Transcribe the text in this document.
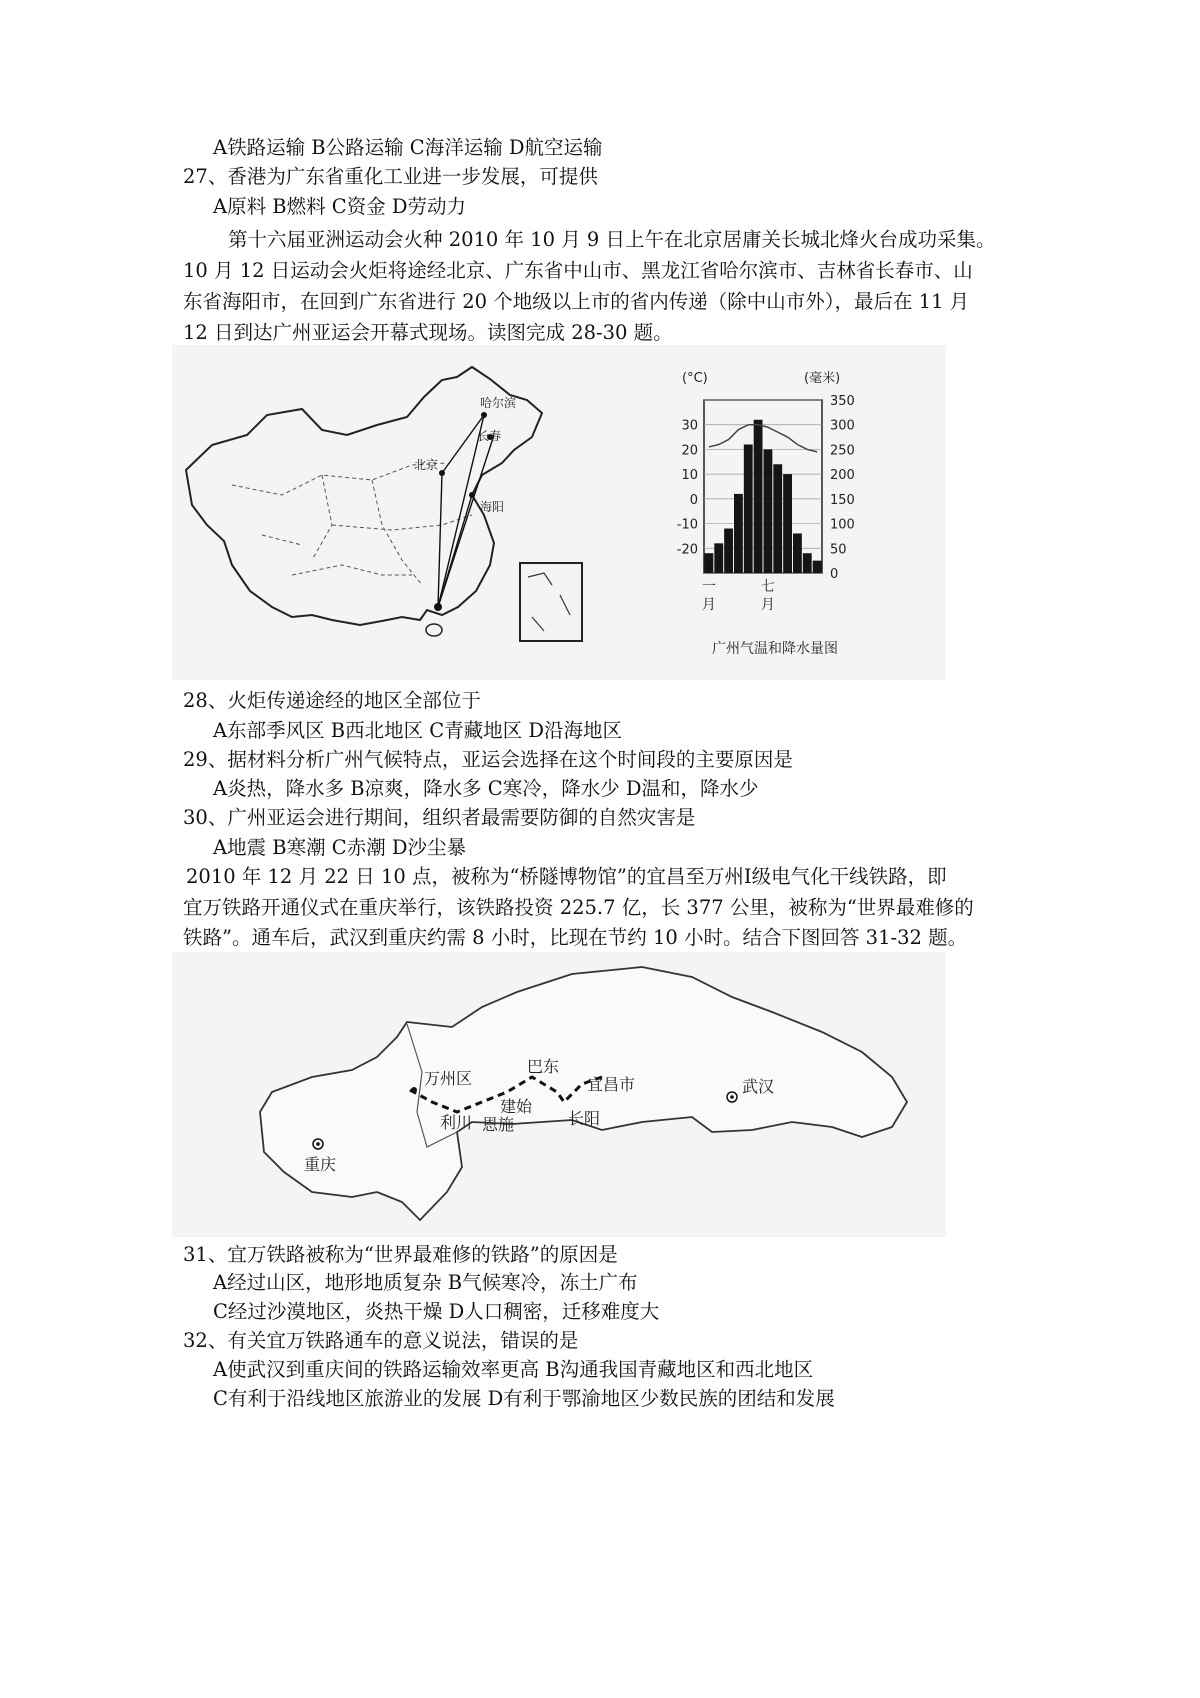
A铁路运输 B公路运输 C海洋运输 D航空运输
27、香港为广东省重化工业进一步发展，可提供
A原料 B燃料 C资金 D劳动力
第十六届亚洲运动会火种 2010 年 10 月 9 日上午在北京居庸关长城北烽火台成功采集。
10 月 12 日运动会火炬将途经北京、广东省中山市、黑龙江省哈尔滨市、吉林省长春市、山
东省海阳市，在回到广东省进行 20 个地级以上市的省内传递（除中山市外），最后在 11 月
12 日到达广州亚运会开幕式现场。读图完成 28-30 题。
哈尔滨
长春
北京
海阳
(°C)	(毫米)
350
300
250
200
150
100
50
0
30
20
10
0
-10
-20
一
月
七
月
广州气温和降水量图
28、火炬传递途经的地区全部位于
A东部季风区 B西北地区 C青藏地区 D沿海地区
29、据材料分析广州气候特点，亚运会选择在这个时间段的主要原因是
A炎热，降水多 B凉爽，降水多 C寒冷，降水少 D温和，降水少
30、广州亚运会进行期间，组织者最需要防御的自然灾害是
A地震 B寒潮 C赤潮 D沙尘暴
2010 年 12 月 22 日 10 点，被称为“桥隧博物馆”的宜昌至万州Ⅰ级电气化干线铁路，即
宜万铁路开通仪式在重庆举行，该铁路投资 225.7 亿，长 377 公里，被称为“世界最难修的
铁路”。通车后，武汉到重庆约需 8 小时，比现在节约 10 小时。结合下图回答 31-32 题。
万州区
巴东
宜昌市	武汉
建始
利川 恩施	长阳
重庆
31、宜万铁路被称为“世界最难修的铁路”的原因是
A经过山区，地形地质复杂 B气候寒冷，冻土广布
C经过沙漠地区，炎热干燥 D人口稠密，迁移难度大
32、有关宜万铁路通车的意义说法，错误的是
A使武汉到重庆间的铁路运输效率更高 B沟通我国青藏地区和西北地区
C有利于沿线地区旅游业的发展 D有利于鄂渝地区少数民族的团结和发展
